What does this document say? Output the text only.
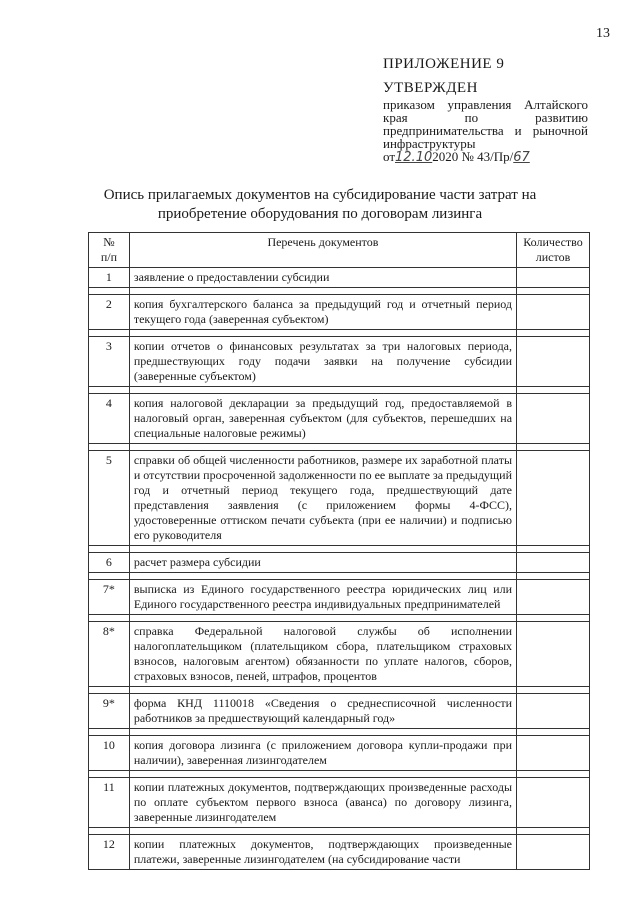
13
ПРИЛОЖЕНИЕ 9
УТВЕРЖДЕН
приказом управления Алтайского края по развитию предпринимательства и рыночной инфраструктуры
от12.102020 № 43/Пр/67
Опись прилагаемых документов на субсидирование части затрат на
приобретение оборудования по договорам лизинга
№
п/п	Перечень документов	Количество листов
1	заявление о предоставлении субсидии	

2	копия бухгалтерского баланса за предыдущий год и отчетный период текущего года (заверенная субъектом)	

3	копии отчетов о финансовых результатах за три налоговых периода, предшествующих году подачи заявки на получение субсидии (заверенные субъектом)	

4	копия налоговой декларации за предыдущий год, предоставляемой в налоговый орган, заверенная субъектом (для субъектов, перешедших на специальные налоговые режимы)	

5	справки об общей численности работников, размере их заработной платы и отсутствии просроченной задолженности по ее выплате за предыдущий год и отчетный период текущего года, предшествующий дате представления заявления (с приложением формы 4-ФСС), удостоверенные оттиском печати субъекта (при ее наличии) и подписью его руководителя	

6	расчет размера субсидии	

7*	выписка из Единого государственного реестра юридических лиц или Единого государственного реестра индивидуальных предпринимателей	

8*	справка Федеральной налоговой службы об исполнении налогоплательщиком (плательщиком сбора, плательщиком страховых взносов, налоговым агентом) обязанности по уплате налогов, сборов, страховых взносов, пеней, штрафов, процентов	

9*	форма КНД 1110018 «Сведения о среднесписочной численности работников за предшествующий календарный год»	

10	копия договора лизинга (с приложением договора купли-продажи при наличии), заверенная лизингодателем	

11	копии платежных документов, подтверждающих произведенные расходы по оплате субъектом первого взноса (аванса) по договору лизинга, заверенные лизингодателем	

12	копии платежных документов, подтверждающих произведенные платежи, заверенные лизингодателем (на субсидирование части	
